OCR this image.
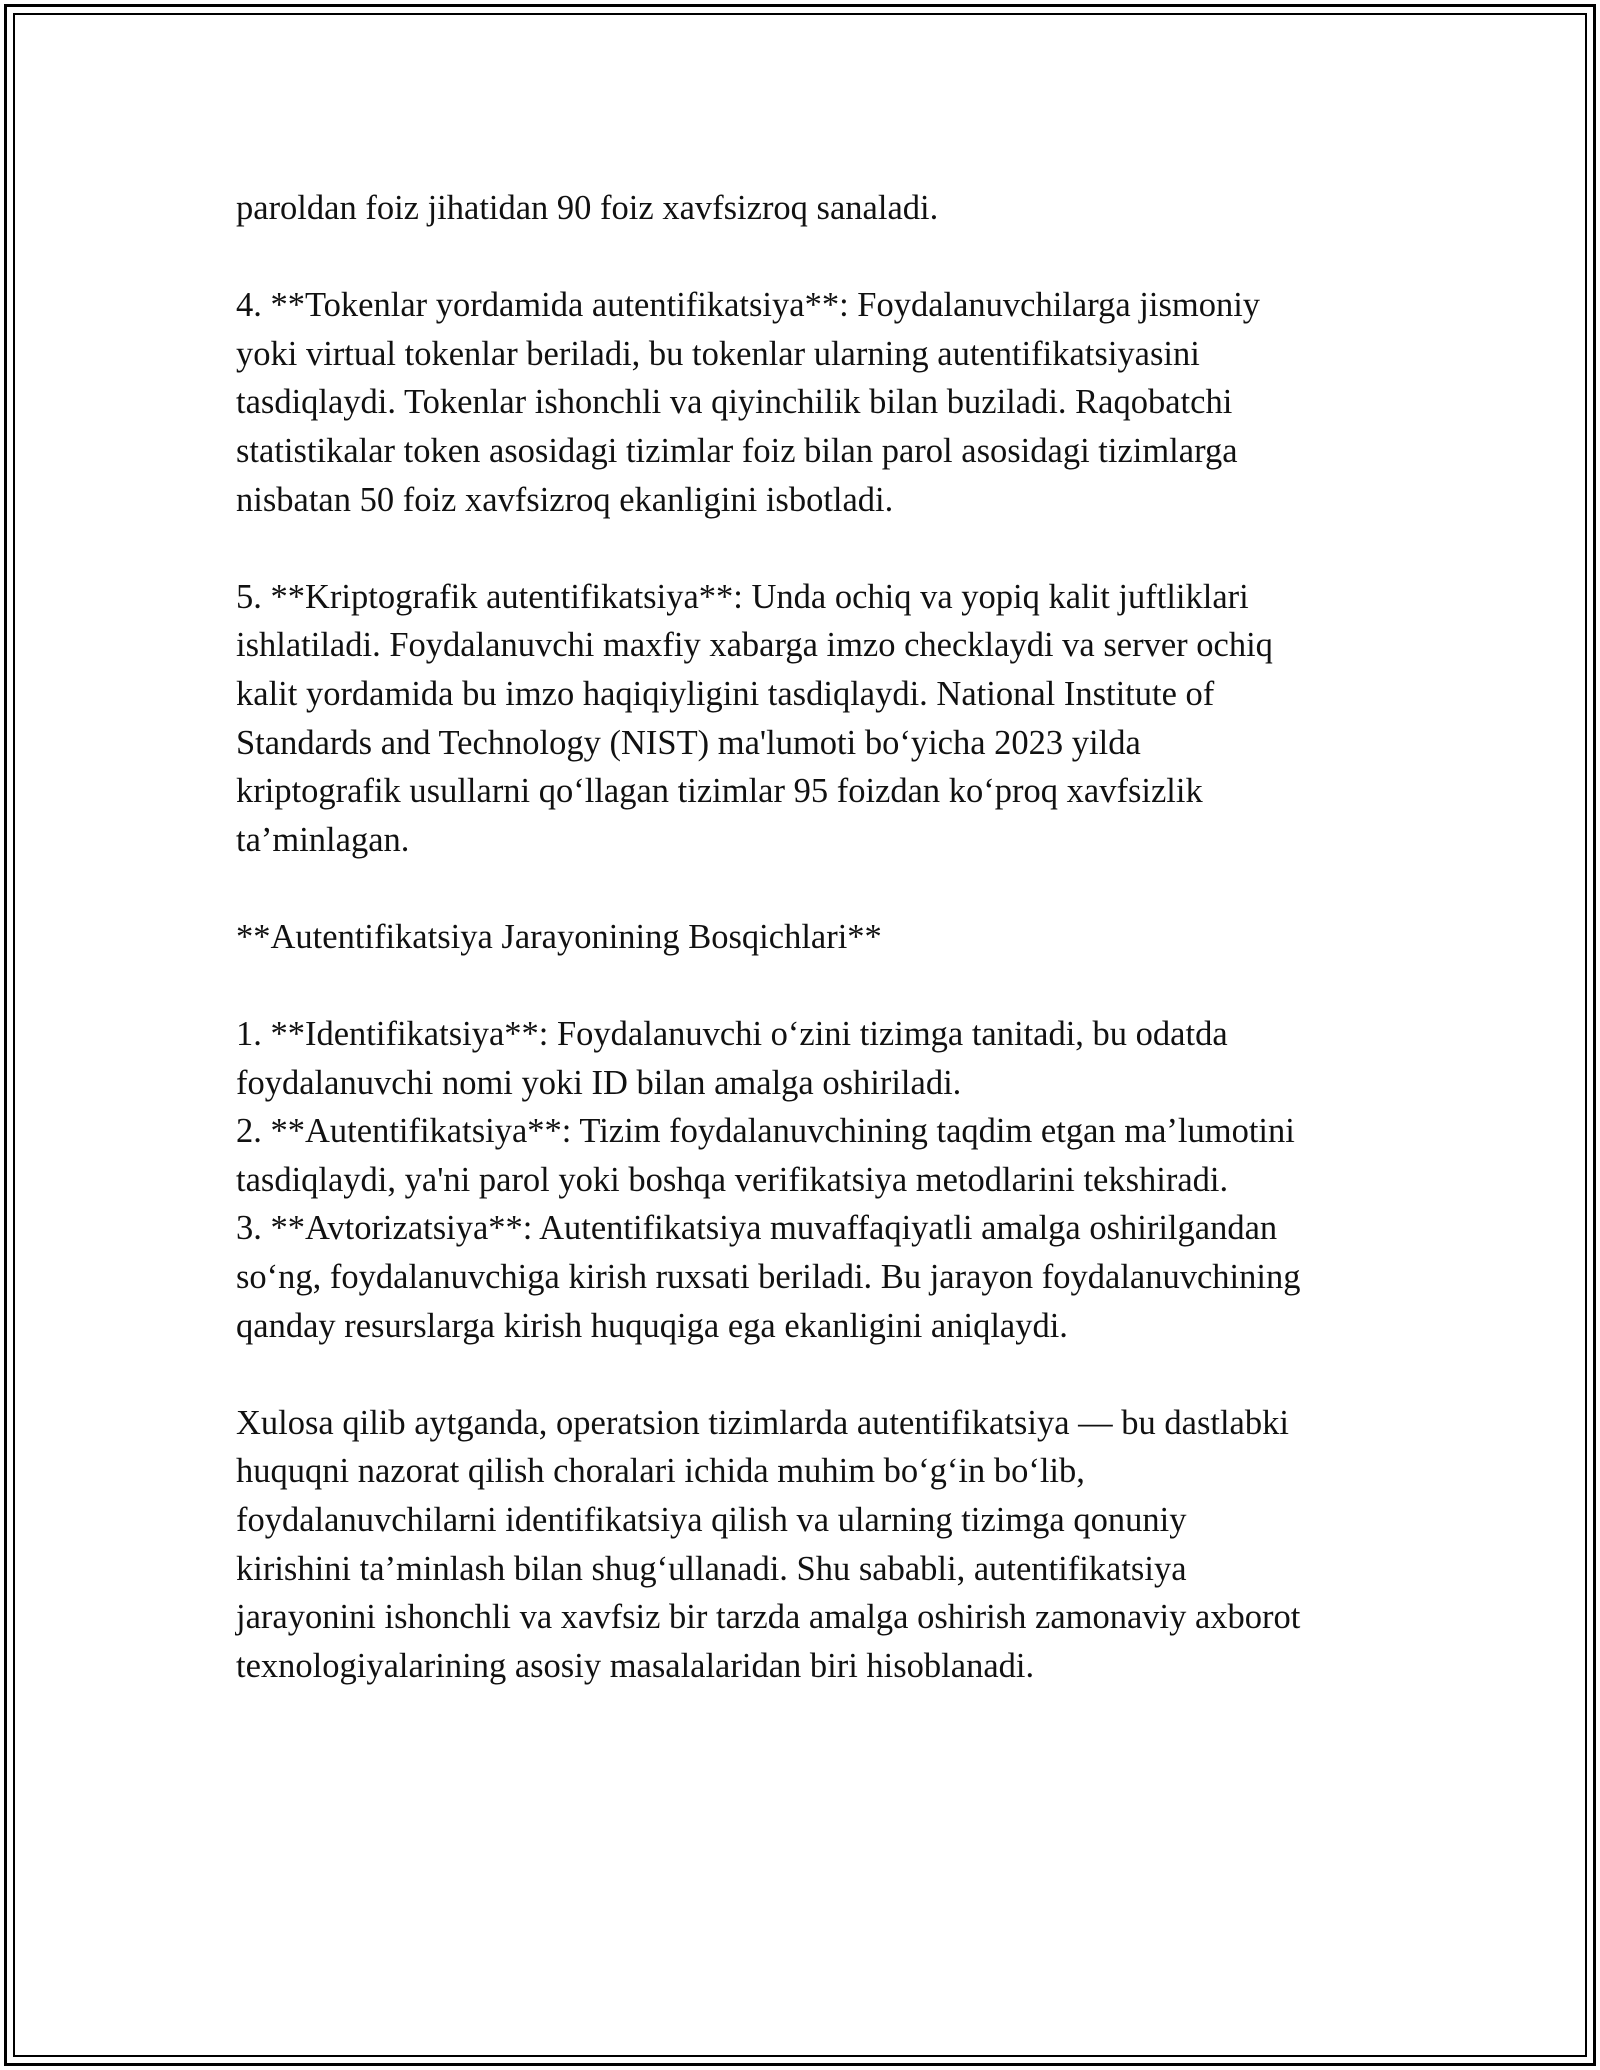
paroldan foiz jihatidan 90 foiz xavfsizroq sanaladi.

4. **Tokenlar yordamida autentifikatsiya**: Foydalanuvchilarga jismoniy
yoki virtual tokenlar beriladi, bu tokenlar ularning autentifikatsiyasini
tasdiqlaydi. Tokenlar ishonchli va qiyinchilik bilan buziladi. Raqobatchi
statistikalar token asosidagi tizimlar foiz bilan parol asosidagi tizimlarga
nisbatan 50 foiz xavfsizroq ekanligini isbotladi.

5. **Kriptografik autentifikatsiya**: Unda ochiq va yopiq kalit juftliklari
ishlatiladi. Foydalanuvchi maxfiy xabarga imzo checklaydi va server ochiq
kalit yordamida bu imzo haqiqiyligini tasdiqlaydi. National Institute of
Standards and Technology (NIST) ma'lumoti bo‘yicha 2023 yilda
kriptografik usullarni qo‘llagan tizimlar 95 foizdan ko‘proq xavfsizlik
ta’minlagan.

**Autentifikatsiya Jarayonining Bosqichlari**

1. **Identifikatsiya**: Foydalanuvchi o‘zini tizimga tanitadi, bu odatda
foydalanuvchi nomi yoki ID bilan amalga oshiriladi.
2. **Autentifikatsiya**: Tizim foydalanuvchining taqdim etgan ma’lumotini
tasdiqlaydi, ya'ni parol yoki boshqa verifikatsiya metodlarini tekshiradi.
3. **Avtorizatsiya**: Autentifikatsiya muvaffaqiyatli amalga oshirilgandan
so‘ng, foydalanuvchiga kirish ruxsati beriladi. Bu jarayon foydalanuvchining
qanday resurslarga kirish huquqiga ega ekanligini aniqlaydi.

Xulosa qilib aytganda, operatsion tizimlarda autentifikatsiya — bu dastlabki
huquqni nazorat qilish choralari ichida muhim bo‘g‘in bo‘lib,
foydalanuvchilarni identifikatsiya qilish va ularning tizimga qonuniy
kirishini ta’minlash bilan shug‘ullanadi. Shu sababli, autentifikatsiya
jarayonini ishonchli va xavfsiz bir tarzda amalga oshirish zamonaviy axborot
texnologiyalarining asosiy masalalaridan biri hisoblanadi.
